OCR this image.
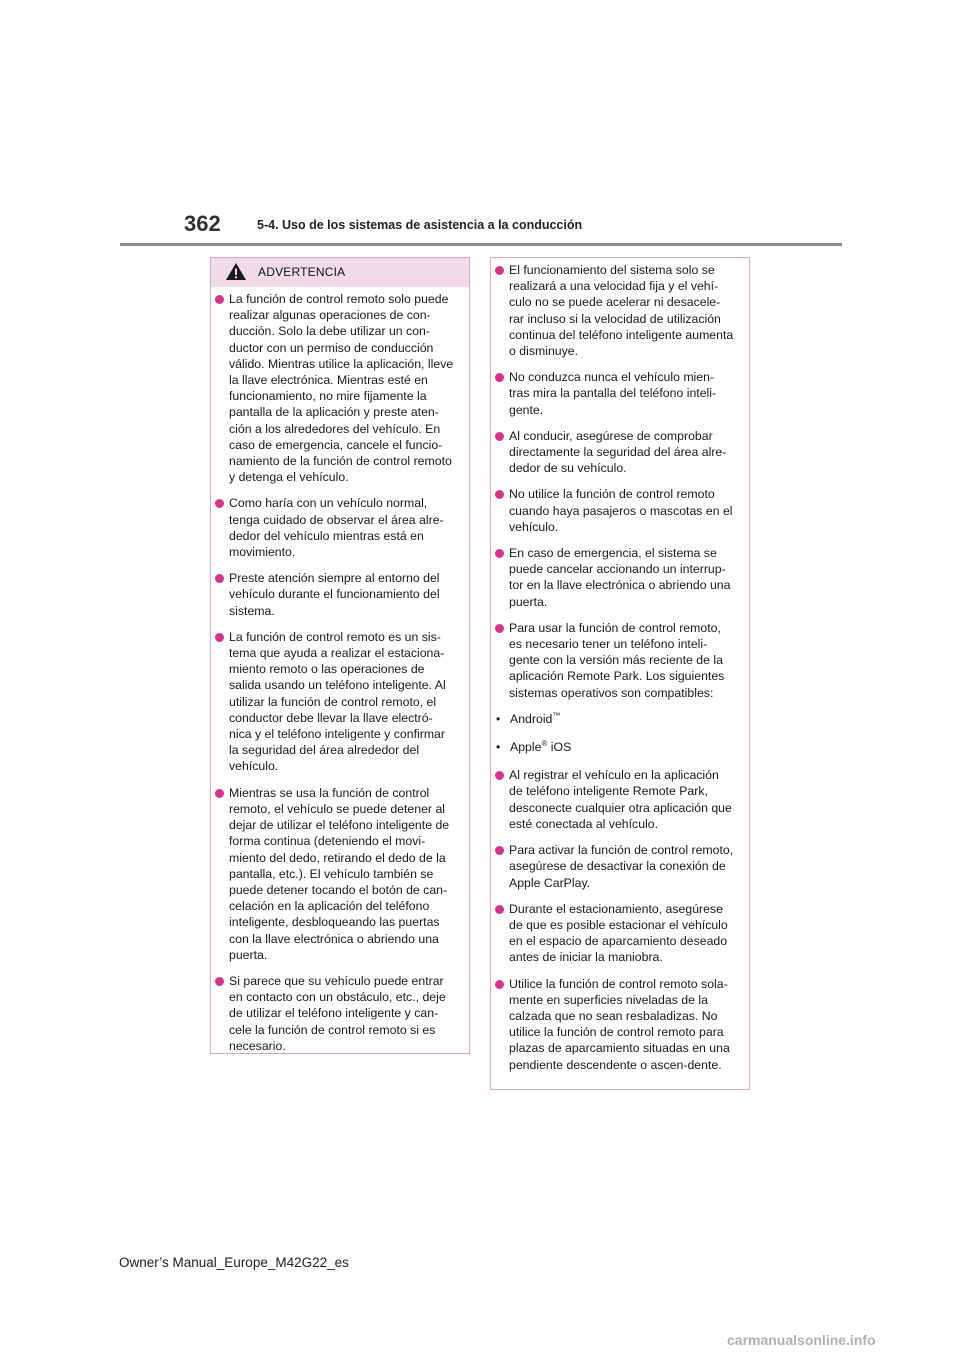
362	5-4. Uso de los sistemas de asistencia a la conducción
ADVERTENCIA
La función de control remoto solo puede realizar algunas operaciones de con-ducción. Solo la debe utilizar un con-ductor con un permiso de conducción válido. Mientras utilice la aplicación, lleve la llave electrónica. Mientras esté en funcionamiento, no mire fijamente la pantalla de la aplicación y preste aten-ción a los alrededores del vehículo. En caso de emergencia, cancele el funcio-namiento de la función de control remoto y detenga el vehículo.
Como haría con un vehículo normal, tenga cuidado de observar el área alre-dedor del vehículo mientras está en movimiento.
Preste atención siempre al entorno del vehículo durante el funcionamiento del sistema.
La función de control remoto es un sis-tema que ayuda a realizar el estaciona-miento remoto o las operaciones de salida usando un teléfono inteligente. Al utilizar la función de control remoto, el conductor debe llevar la llave electró-nica y el teléfono inteligente y confirmar la seguridad del área alrededor del vehículo.
Mientras se usa la función de control remoto, el vehículo se puede detener al dejar de utilizar el teléfono inteligente de forma continua (deteniendo el movi-miento del dedo, retirando el dedo de la pantalla, etc.). El vehículo también se puede detener tocando el botón de can-celación en la aplicación del teléfono inteligente, desbloqueando las puertas con la llave electrónica o abriendo una puerta.
Si parece que su vehículo puede entrar en contacto con un obstáculo, etc., deje de utilizar el teléfono inteligente y can-cele la función de control remoto si es necesario.
El funcionamiento del sistema solo se realizará a una velocidad fija y el vehí-culo no se puede acelerar ni desacele-rar incluso si la velocidad de utilización continua del teléfono inteligente aumenta o disminuye.
No conduzca nunca el vehículo mien-tras mira la pantalla del teléfono inteli-gente.
Al conducir, asegúrese de comprobar directamente la seguridad del área alre-dedor de su vehículo.
No utilice la función de control remoto cuando haya pasajeros o mascotas en el vehículo.
En caso de emergencia, el sistema se puede cancelar accionando un interrup-tor en la llave electrónica o abriendo una puerta.
Para usar la función de control remoto, es necesario tener un teléfono inteli-gente con la versión más reciente de la aplicación Remote Park. Los siguientes sistemas operativos son compatibles:
• Android™
• Apple® iOS
Al registrar el vehículo en la aplicación de teléfono inteligente Remote Park, desconecte cualquier otra aplicación que esté conectada al vehículo.
Para activar la función de control remoto, asegúrese de desactivar la conexión de Apple CarPlay.
Durante el estacionamiento, asegúrese de que es posible estacionar el vehículo en el espacio de aparcamiento deseado antes de iniciar la maniobra.
Utilice la función de control remoto sola-mente en superficies niveladas de la calzada que no sean resbaladizas. No utilice la función de control remoto para plazas de aparcamiento situadas en una pendiente descendente o ascen-dente.
Owner’s Manual_Europe_M42G22_es
carmanualsonline.info
